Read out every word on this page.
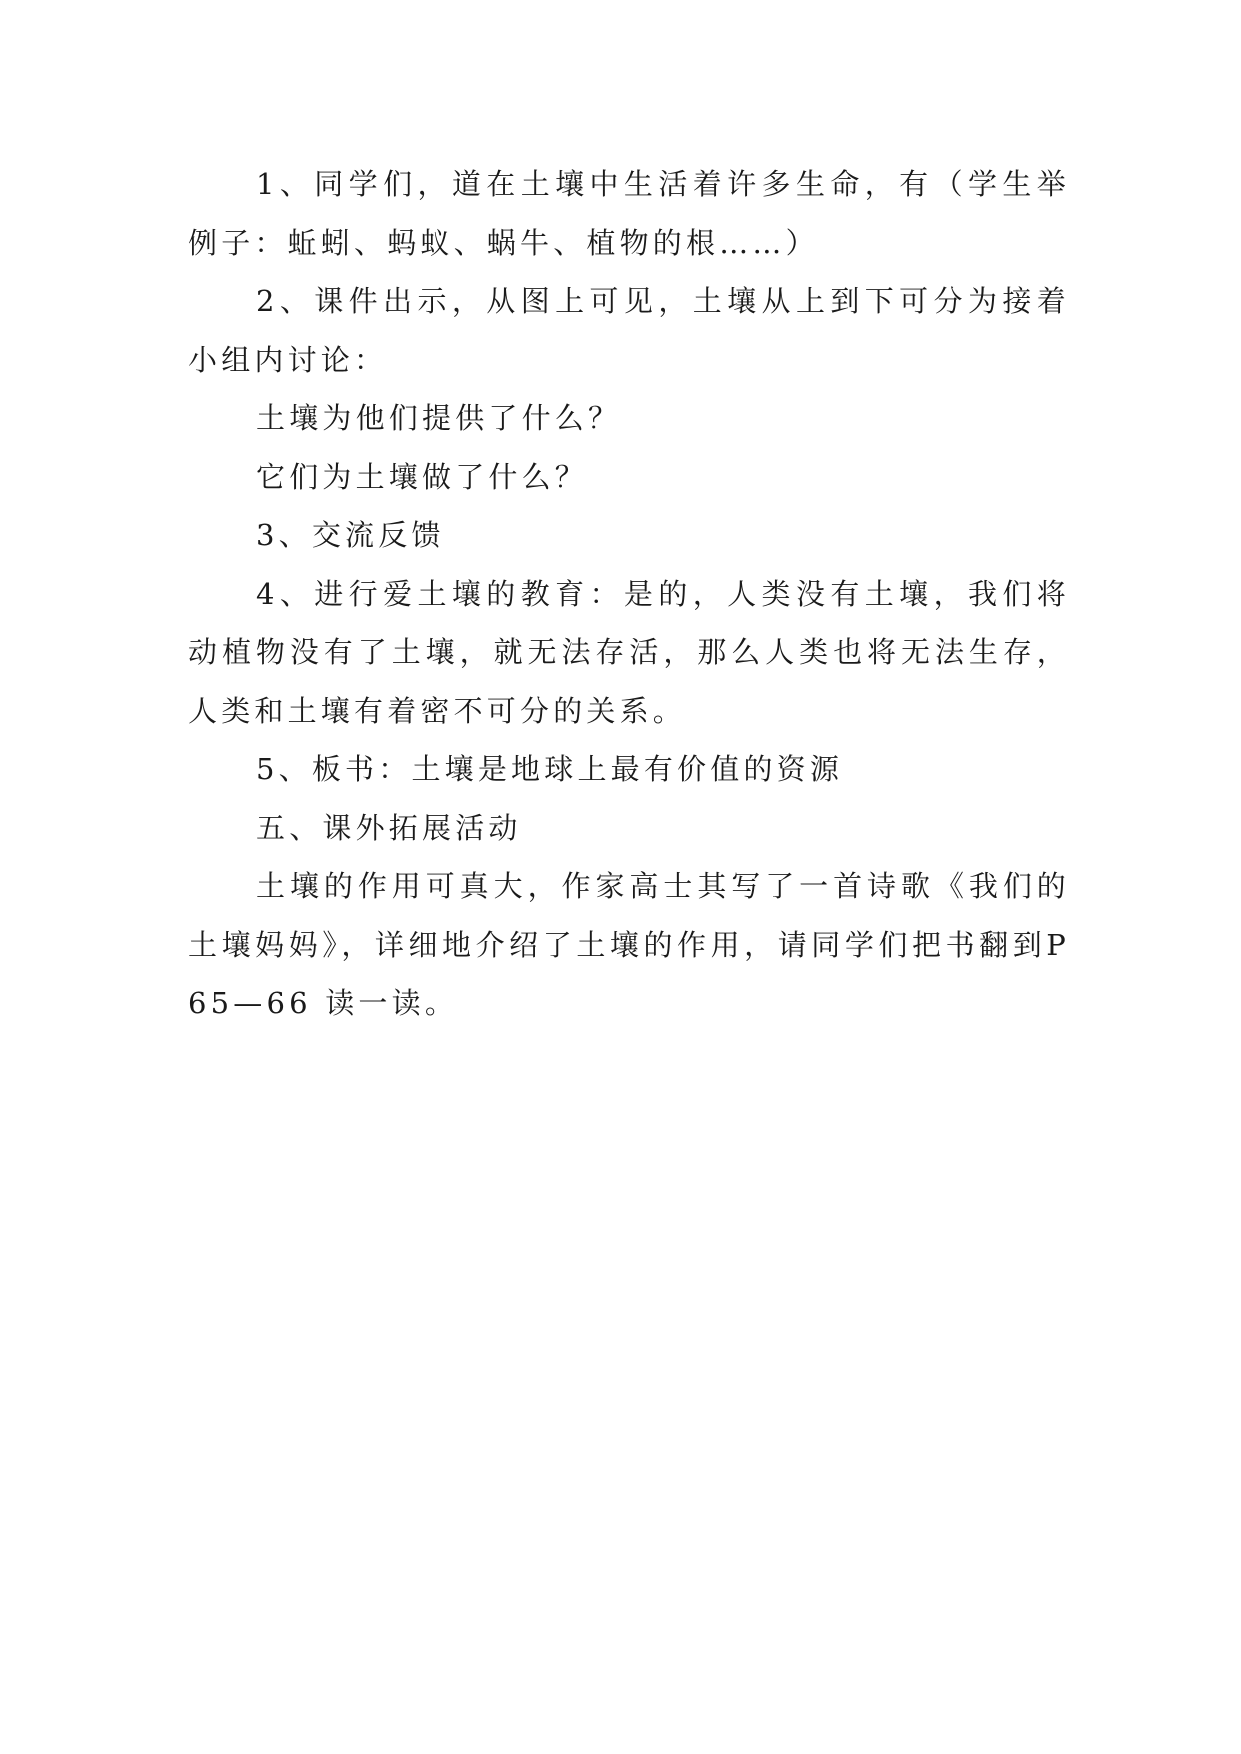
1、同学们，道在土壤中生活着许多生命，有（学生举例子：蚯蚓、蚂蚁、蜗牛、植物的根……）

2、课件出示，从图上可见，土壤从上到下可分为接着小组内讨论：

土壤为他们提供了什么？

它们为土壤做了什么？

3、交流反馈

4、进行爱土壤的教育：是的，人类没有土壤，我们将动植物没有了土壤，就无法存活，那么人类也将无法生存，人类和土壤有着密不可分的关系。

5、板书：土壤是地球上最有价值的资源

五、课外拓展活动

土壤的作用可真大，作家高士其写了一首诗歌《我们的土壤妈妈》，详细地介绍了土壤的作用，请同学们把书翻到P65—66 读一读。
